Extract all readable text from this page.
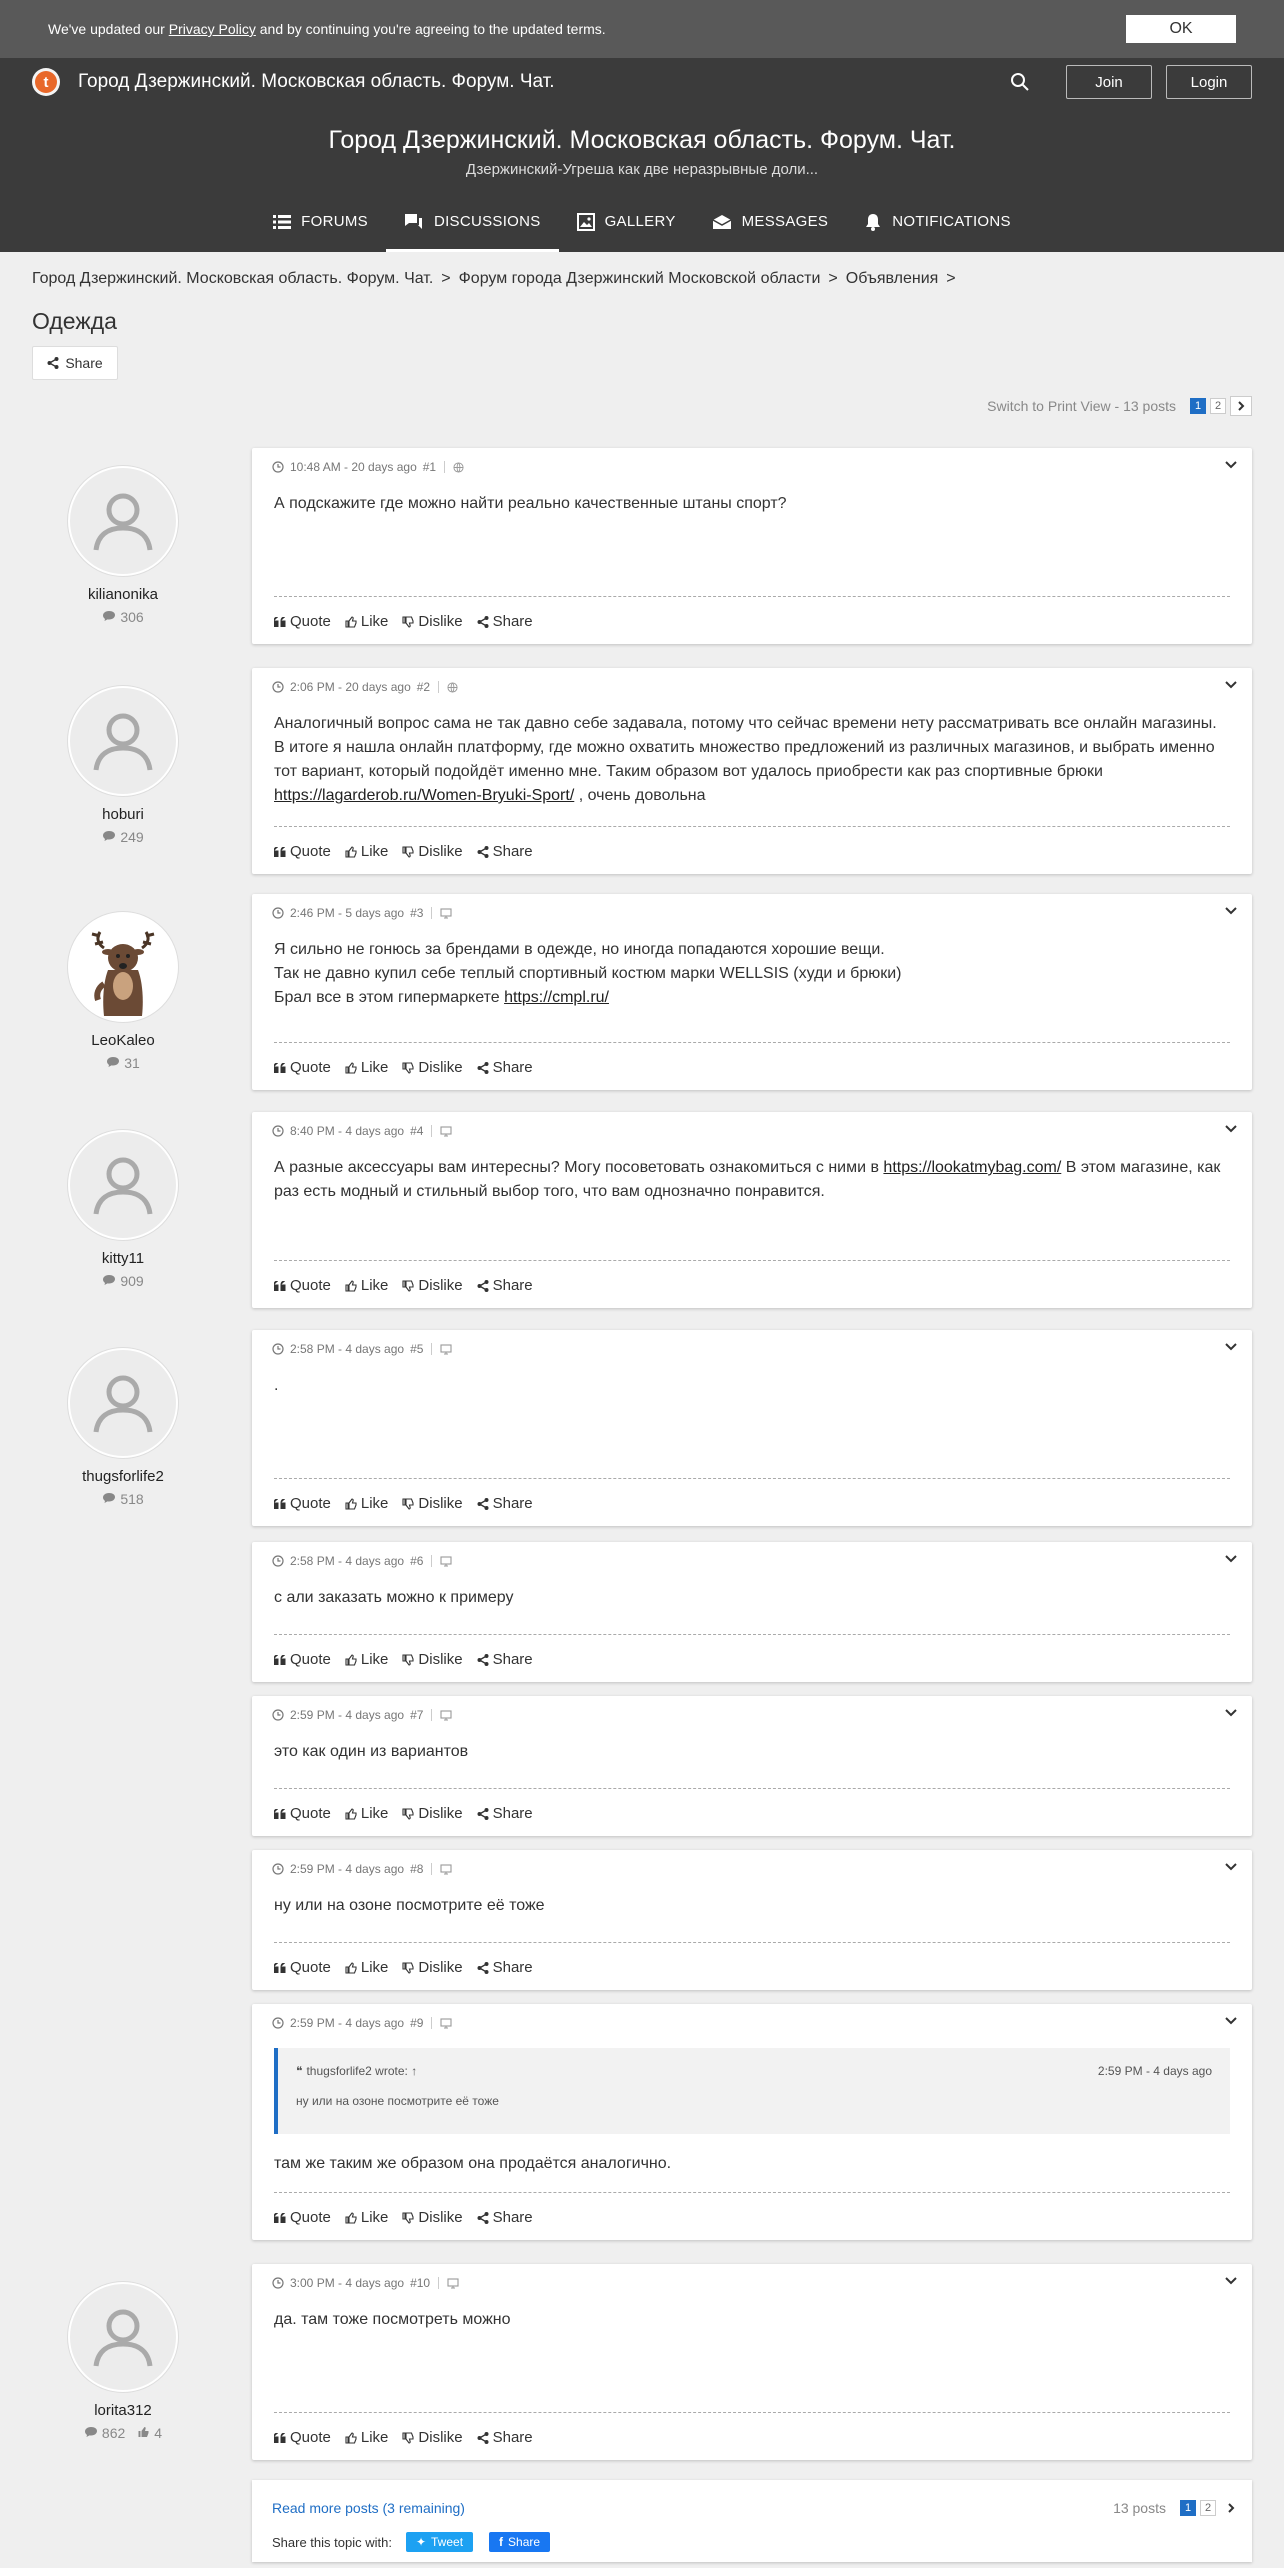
We've updated our Privacy Policy and by continuing you're agreeing to the updated terms.	OK
t	Город Дзержинский. Московская область. Форум. Чат.	Join	Login
Город Дзержинский. Московская область. Форум. Чат.
Дзержинский-Угреша как две неразрывные доли...
FORUMS	DISCUSSIONS	GALLERY	MESSAGES	NOTIFICATIONS
Город Дзержинский. Московская область. Форум. Чат. > Форум города Дзержинский Московской области > Объявления >
Одежда
Share
Switch to Print View - 13 posts	1	2
kilianonika
306
10:48 AM - 20 days ago #1
А подскажите где можно найти реально качественные штаны спорт?
Quote Like Dislike Share
hoburi
249
2:06 PM - 20 days ago #2
Аналогичный вопрос сама не так давно себе задавала, потому что сейчас времени нету рассматривать все онлайн магазины. В итоге я нашла онлайн платформу, где можно охватить множество предложений из различных магазинов, и выбрать именно тот вариант, который подойдёт именно мне. Таким образом вот удалось приобрести как раз спортивные брюки https://lagarderob.ru/Women-Bryuki-Sport/ , очень довольна
Quote Like Dislike Share
LeoKaleo
31
2:46 PM - 5 days ago #3
Я сильно не гонюсь за брендами в одежде, но иногда попадаются хорошие вещи.
Так не давно купил себе теплый спортивный костюм марки WELLSIS (худи и брюки)
Брал все в этом гипермаркете https://cmpl.ru/
Quote Like Dislike Share
kitty11
909
8:40 PM - 4 days ago #4
А разные аксессуары вам интересны? Могу посоветовать ознакомиться с ними в https://lookatmybag.com/ В этом магазине, как раз есть модный и стильный выбор того, что вам однозначно понравится.
Quote Like Dislike Share
thugsforlife2
518
2:58 PM - 4 days ago #5
.
Quote Like Dislike Share
2:58 PM - 4 days ago #6
с али заказать можно к примеру
Quote Like Dislike Share
2:59 PM - 4 days ago #7
это как один из вариантов
Quote Like Dislike Share
2:59 PM - 4 days ago #8
ну или на озоне посмотрите её тоже
Quote Like Dislike Share
2:59 PM - 4 days ago #9
❝ thugsforlife2 wrote: ↑	2:59 PM - 4 days ago
ну или на озоне посмотрите её тоже
там же таким же образом она продаётся аналогично.
Quote Like Dislike Share
lorita312
862 4
3:00 PM - 4 days ago #10
да. там тоже посмотреть можно
Quote Like Dislike Share
Read more posts (3 remaining)
Share this topic with: ✦ Tweet	f Share
13 posts	1	2
